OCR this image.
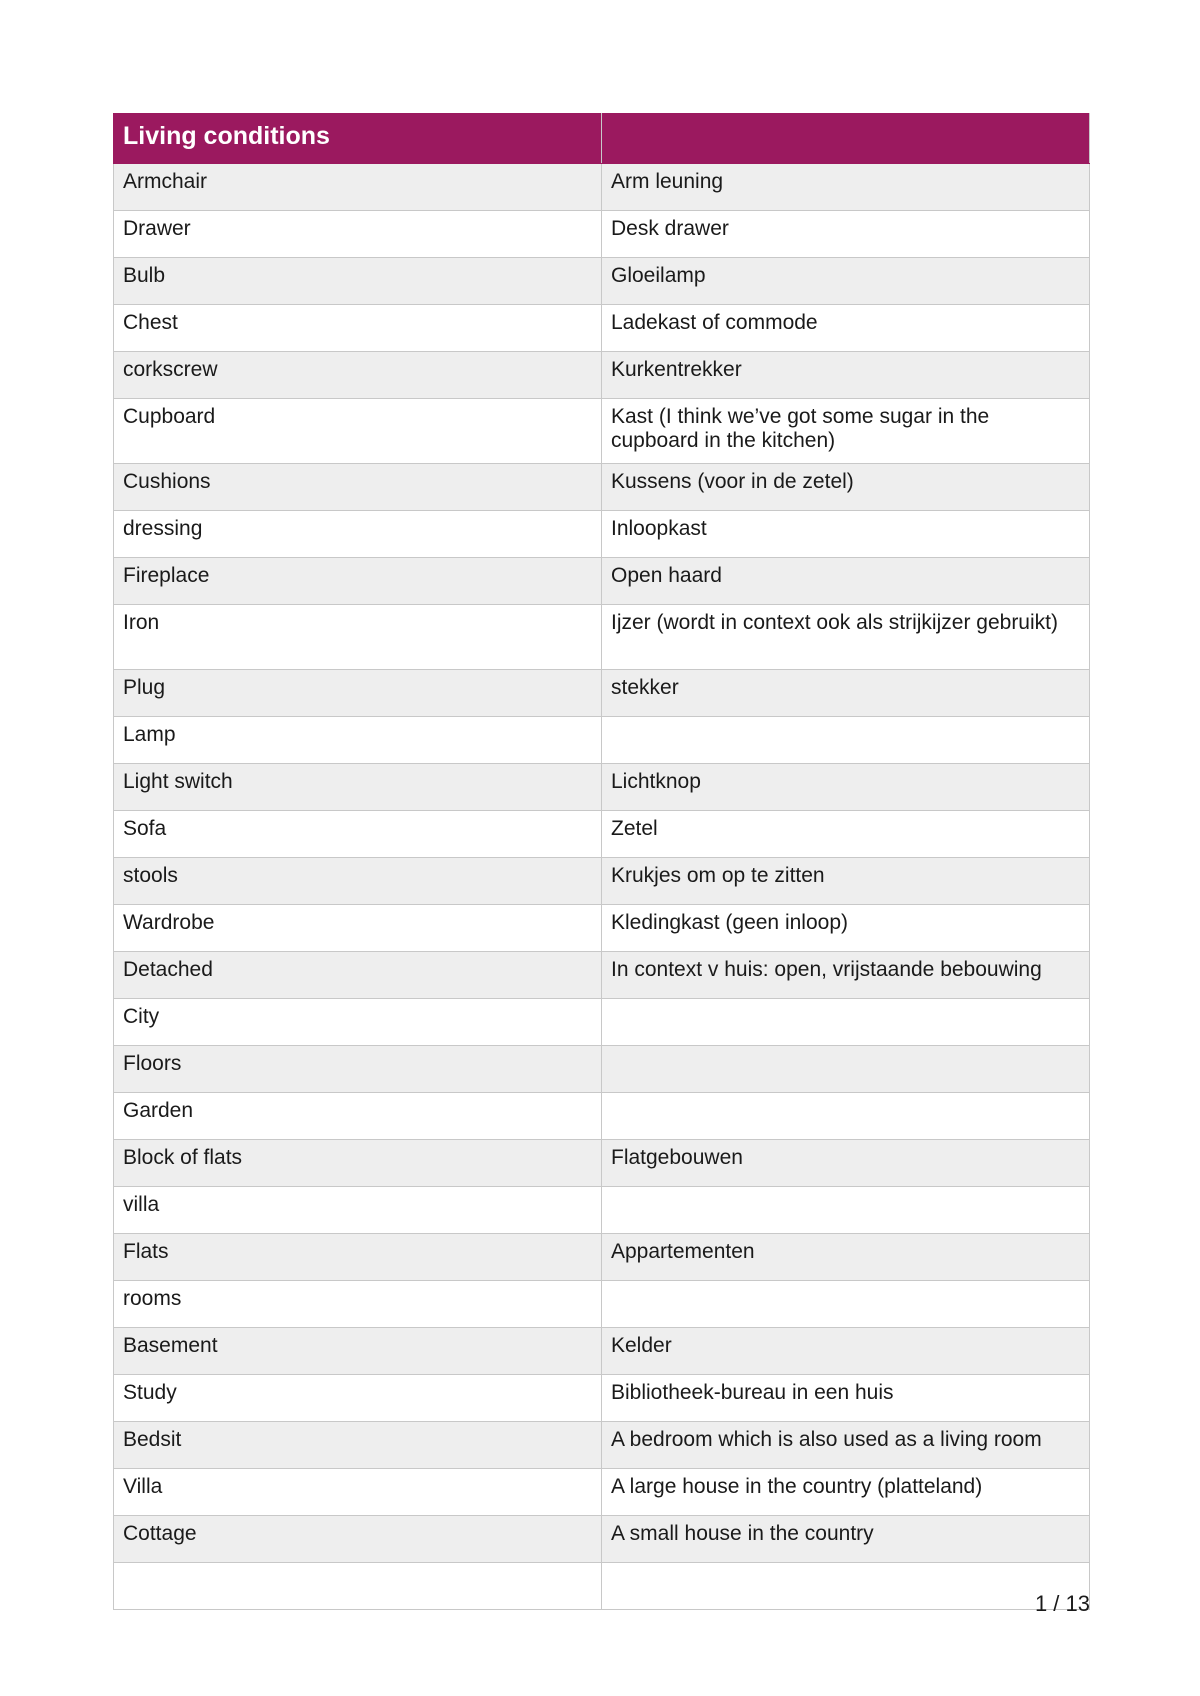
Living conditions	
Armchair	Arm leuning
Drawer	Desk drawer
Bulb	Gloeilamp
Chest	Ladekast of commode
corkscrew	Kurkentrekker
Cupboard	Kast (I think we’ve got some sugar in the cupboard in the kitchen)
Cushions	Kussens (voor in de zetel)
dressing	Inloopkast
Fireplace	Open haard
Iron	Ijzer (wordt in context ook als strijkijzer gebruikt)
Plug	stekker
Lamp	
Light switch	Lichtknop
Sofa	Zetel
stools	Krukjes om op te zitten
Wardrobe	Kledingkast (geen inloop)
Detached	In context v huis: open, vrijstaande bebouwing
City	
Floors	
Garden	
Block of flats	Flatgebouwen
villa	
Flats	Appartementen
rooms	
Basement	Kelder
Study	Bibliotheek-bureau in een huis
Bedsit	A bedroom which is also used as a living room
Villa	A large house in the country (platteland)
Cottage	A small house in the country

1 / 13
